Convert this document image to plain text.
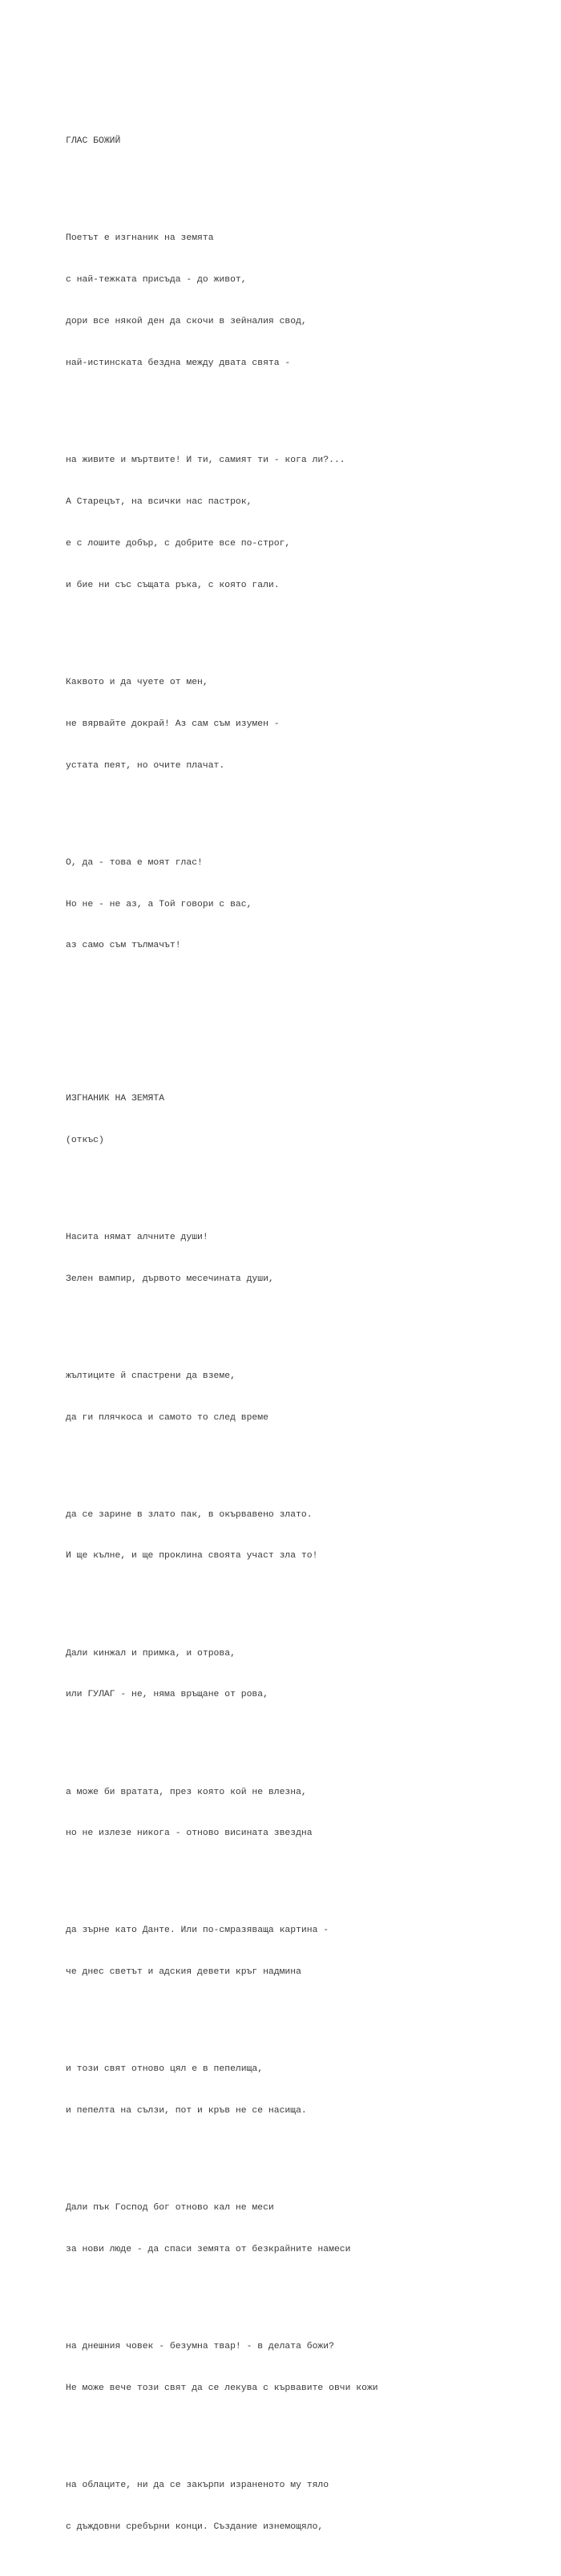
ГЛАС БОЖИЙ

Поетът е изгнаник на земята

с най-тежката присъда - до живот,

дори все някой ден да скочи в зейналия свод,

най-истинската бездна между двата свята -

на живите и мъртвите! И ти, самият ти - кога ли?...

А Старецът, на всички нас пастрок,

е с лошите добър, с добрите все по-строг,

и бие ни със същата ръка, с която гали.

Каквото и да чуете от мен,

не вярвайте докрай! Аз сам съм изумен -

устата пеят, но очите плачат.

О, да - това е моят глас!

Но не - не аз, а Той говори с вас,

аз само съм тълмачът!

ИЗГНАНИК НА ЗЕМЯТА

(откъс)

Насита нямат алчните души!

Зелен вампир, дървото месечината души,

жълтиците й спастрени да вземе,

да ги плячкоса и самото то след време

да се зарине в злато пак, в окървавено злато.

И ще кълне, и ще проклина своята участ зла то!

Дали кинжал и примка, и отрова,

или ГУЛАГ - не, няма връщане от рова,

а може би вратата, през която кой не влезна,

но не излезе никога - отново висината звездна

да зърне като Данте. Или по-смразяваща картина -

че днес светът и адския девети кръг надмина

и този свят отново цял е в пепелища,

и пепелта на сълзи, пот и кръв не се насища.

Дали пък Господ бог отново кал не меси

за нови люде - да спаси земята от безкрайните намеси

на днешния човек - безумна твар! - в делата божи?

Не може вече този свят да се лекува с кървавите овчи кожи

на облаците, ни да се закърпи израненото му тяло

с дъждовни сребърни конци. Създание изнемощяло,
